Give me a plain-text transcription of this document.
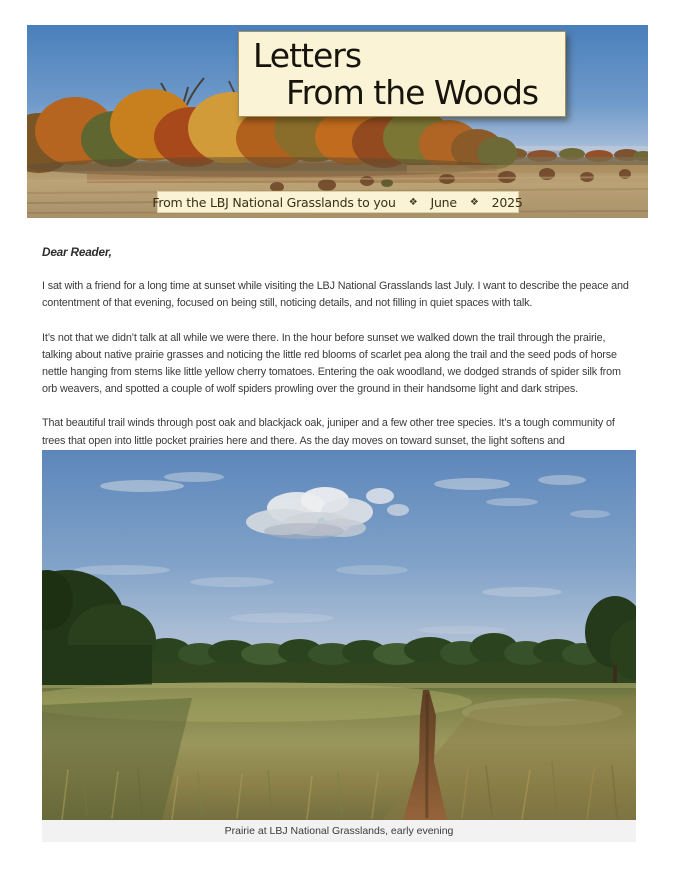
Letters
From the Woods
From the LBJ National Grasslands to you ❖ June ❖ 2025

Dear Reader,

I sat with a friend for a long time at sunset while visiting the LBJ National Grasslands last July. I want to describe the peace and contentment of that evening, focused on being still, noticing details, and not filling in quiet spaces with talk.

It’s not that we didn’t talk at all while we were there. In the hour before sunset we walked down the trail through the prairie, talking about native prairie grasses and noticing the little red blooms of scarlet pea along the trail and the seed pods of horse nettle hanging from stems like little yellow cherry tomatoes. Entering the oak woodland, we dodged strands of spider silk from orb weavers, and spotted a couple of wolf spiders prowling over the ground in their handsome light and dark stripes.

That beautiful trail winds through post oak and blackjack oak, juniper and a few other tree species. It’s a tough community of trees that open into little pocket prairies here and there. As the day moves on toward sunset, the light softens and

Prairie at LBJ National Grasslands, early evening
